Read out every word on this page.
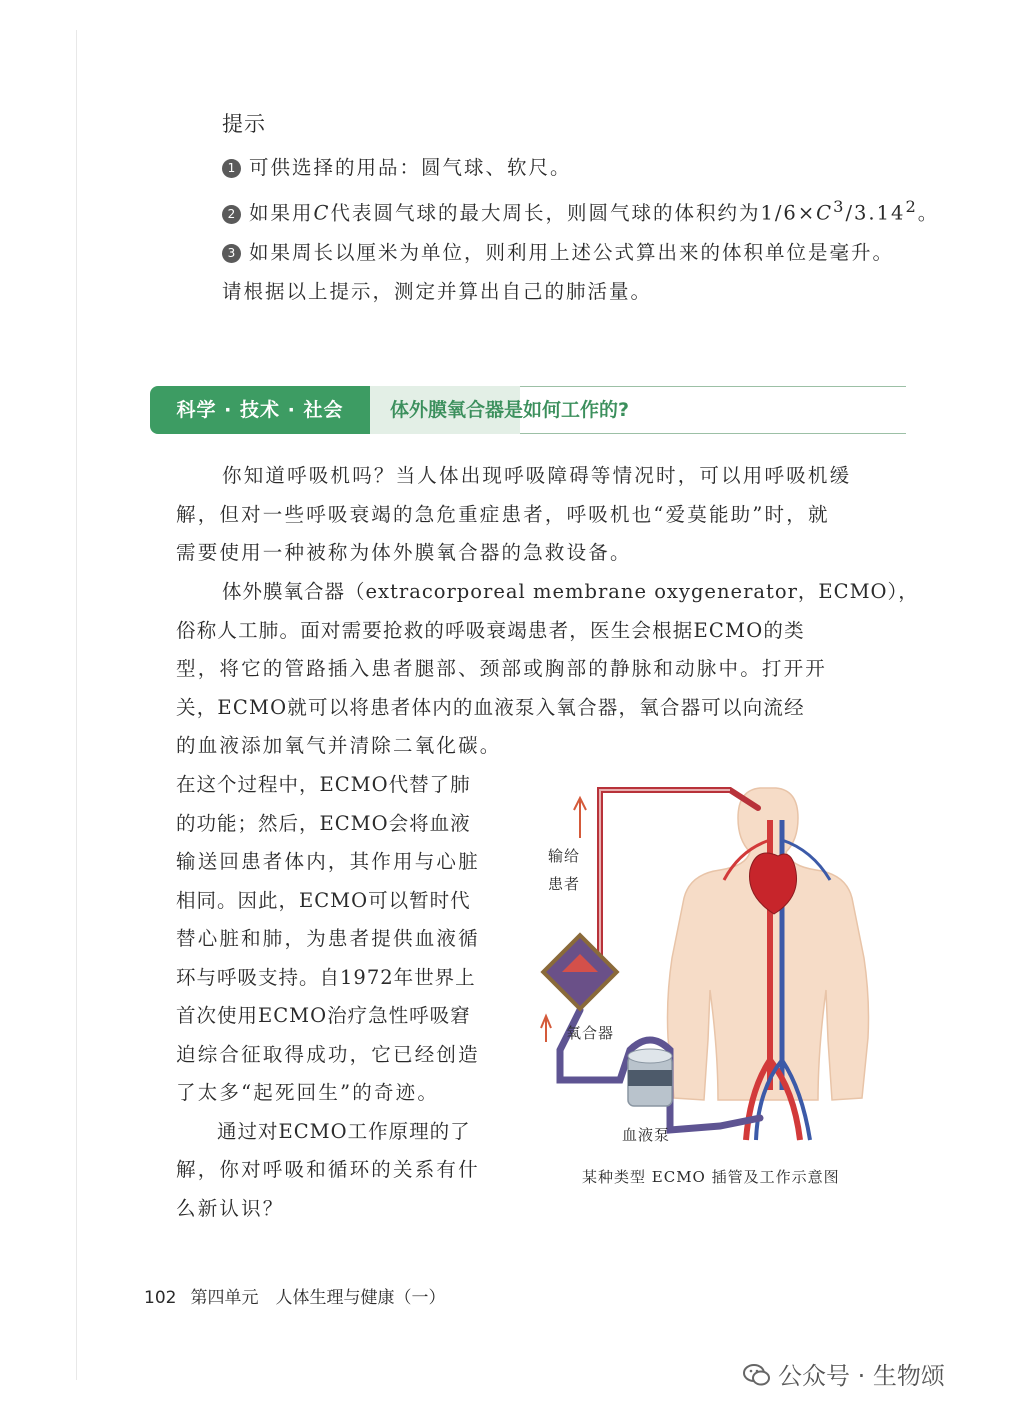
提示
1 可供选择的用品：圆气球、软尺。
2 如果用C代表圆气球的最大周长，则圆气球的体积约为$1/6\times C^3/3.14^2$。
3 如果周长以厘米为单位，则利用上述公式算出来的体积单位是毫升。
请根据以上提示，测定并算出自己的肺活量。
科学 · 技术 · 社会	体外膜氧合器是如何工作的?
你知道呼吸机吗？当人体出现呼吸障碍等情况时，可以用呼吸机缓
解，但对一些呼吸衰竭的急危重症患者，呼吸机也“爱莫能助”时，就
需要使用一种被称为体外膜氧合器的急救设备。
体外膜氧合器（extracorporeal membrane oxygenerator，ECMO），
俗称人工肺。面对需要抢救的呼吸衰竭患者，医生会根据ECMO的类
型，将它的管路插入患者腿部、颈部或胸部的静脉和动脉中。打开开
关，ECMO就可以将患者体内的血液泵入氧合器，氧合器可以向流经
的血液添加氧气并清除二氧化碳。
在这个过程中，ECMO代替了肺
的功能；然后，ECMO会将血液
输送回患者体内，其作用与心脏
相同。因此，ECMO可以暂时代
替心脏和肺，为患者提供血液循
环与呼吸支持。自1972年世界上
首次使用ECMO治疗急性呼吸窘
迫综合征取得成功，它已经创造
了太多“起死回生”的奇迹。
　　通过对ECMO工作原理的了
解，你对呼吸和循环的关系有什
么新认识？
输给
患者
氧合器
血液泵
某种类型 ECMO 插管及工作示意图
102 第四单元　人体生理与健康（一）
公众号 · 生物颂
